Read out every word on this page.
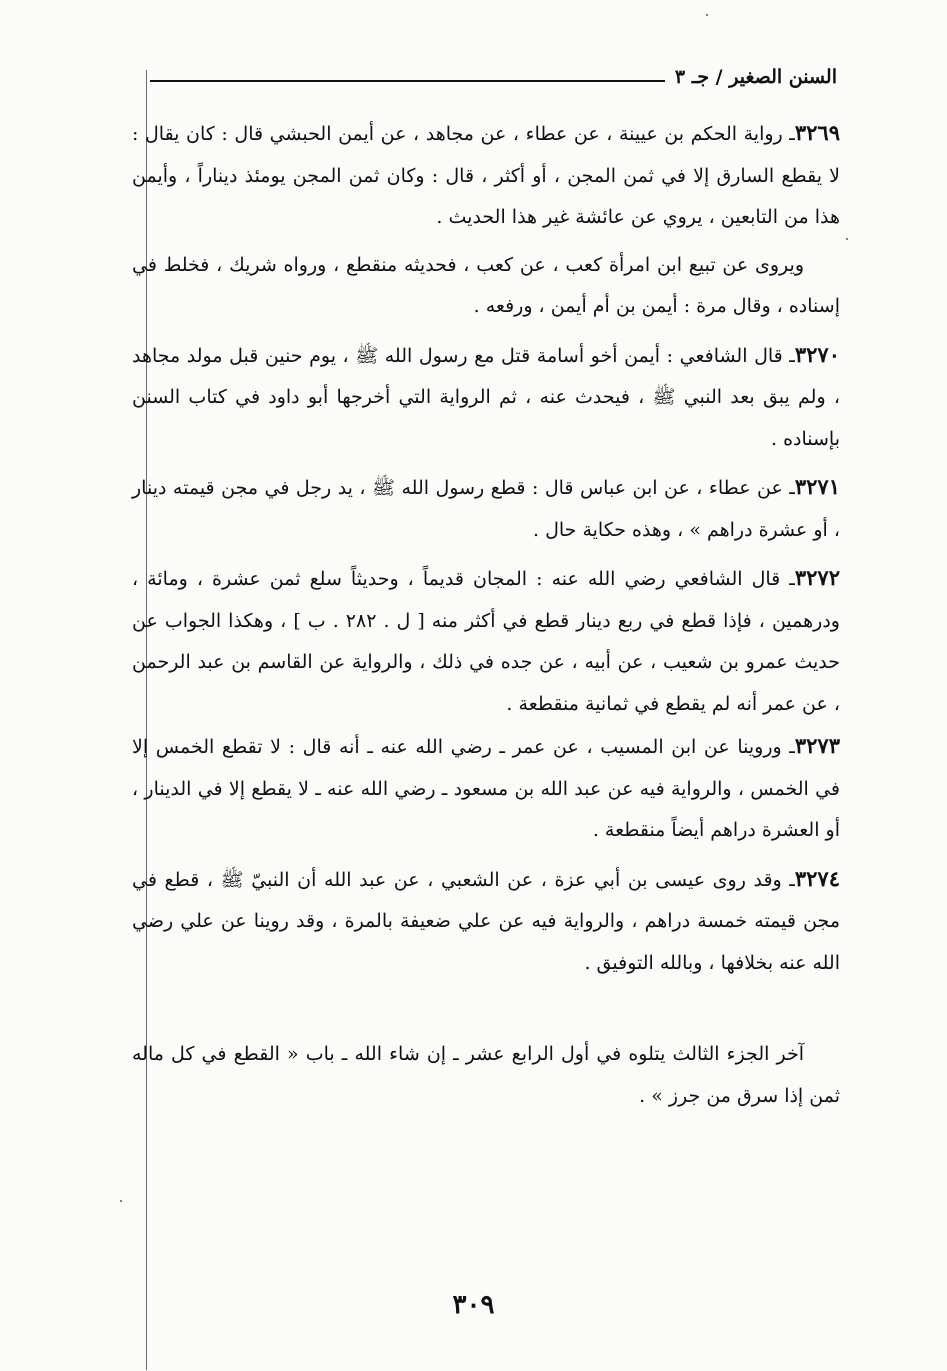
السنن الصغير / جـ ٣

٣٢٦٩ـ رواية الحكم بن عيينة ، عن عطاء ، عن مجاهد ، عن أيمن الحبشي قال : كان يقال : لا يقطع السارق إلا في ثمن المجن ، أو أكثر ، قال : وكان ثمن المجن يومئذ ديناراً ، وأيمن هذا من التابعين ، يروي عن عائشة غير هذا الحديث .

ويروى عن تبيع ابن امرأة كعب ، عن كعب ، فحديثه منقطع ، ورواه شريك ، فخلط في إسناده ، وقال مرة : أيمن بن أم أيمن ، ورفعه .

٣٢٧٠ـ قال الشافعي : أيمن أخو أسامة قتل مع رسول الله ﷺ ، يوم حنين قبل مولد مجاهد ، ولم يبق بعد النبي ﷺ ، فيحدث عنه ، ثم الرواية التي أخرجها أبو داود في كتاب السنن بإسناده .

٣٢٧١ـ عن عطاء ، عن ابن عباس قال : قطع رسول الله ﷺ ، يد رجل في مجن قيمته دينار ، أو عشرة دراهم » ، وهذه حكاية حال .

٣٢٧٢ـ قال الشافعي رضي الله عنه : المجان قديماً ، وحديثاً سلع ثمن عشرة ، ومائة ، ودرهمين ، فإذا قطع في ربع دينار قطع في أكثر منه [ ل . ٢٨٢ . ب ] ، وهكذا الجواب عن حديث عمرو بن شعيب ، عن أبيه ، عن جده في ذلك ، والرواية عن القاسم بن عبد الرحمن ، عن عمر أنه لم يقطع في ثمانية منقطعة .

٣٢٧٣ـ وروينا عن ابن المسيب ، عن عمر ـ رضي الله عنه ـ أنه قال : لا تقطع الخمس إلا في الخمس ، والرواية فيه عن عبد الله بن مسعود ـ رضي الله عنه ـ لا يقطع إلا في الدينار ، أو العشرة دراهم أيضاً منقطعة .

٣٢٧٤ـ وقد روى عيسى بن أبي عزة ، عن الشعبي ، عن عبد الله أن النبيّ ﷺ ، قطع في مجن قيمته خمسة دراهم ، والرواية فيه عن علي ضعيفة بالمرة ، وقد روينا عن علي رضي الله عنه بخلافها ، وبالله التوفيق .

آخر الجزء الثالث يتلوه في أول الرابع عشر ـ إن شاء الله ـ باب « القطع في كل ماله ثمن إذا سرق من جرز » .

٣٠٩
